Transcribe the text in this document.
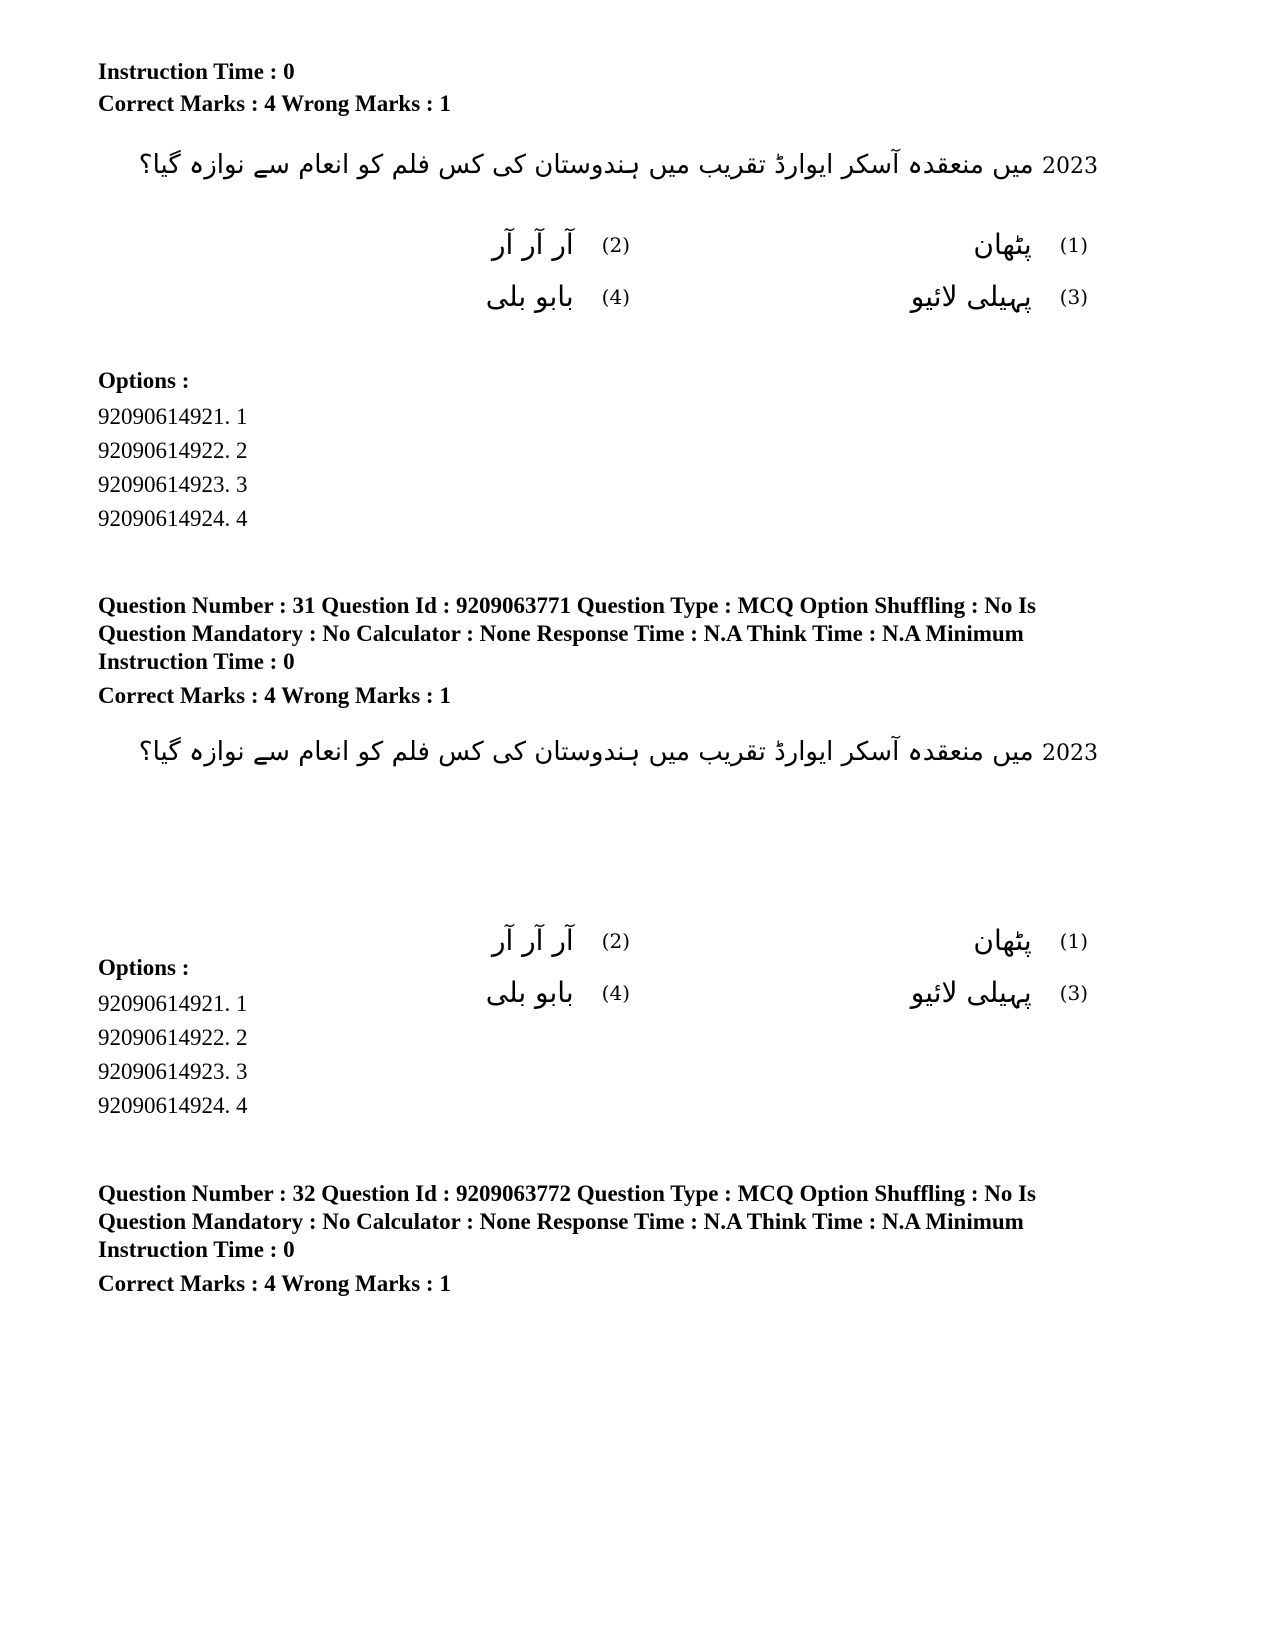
Instruction Time : 0

Correct Marks : 4 Wrong Marks : 1

2023 میں منعقدہ آسکر ایوارڈ تقریب میں ہندوستان کی کس فلم کو انعام سے نوازہ گیا؟
(1)
پٹھان
(2)
آر آر آر
(3)
پہیلی لائیو
(4)
بابو بلی

Options :

92090614921. 1

92090614922. 2

92090614923. 3

92090614924. 4

Question Number : 31 Question Id : 9209063771 Question Type : MCQ Option Shuffling : No Is

Question Mandatory : No Calculator : None Response Time : N.A Think Time : N.A Minimum

Instruction Time : 0

Correct Marks : 4 Wrong Marks : 1

2023 میں منعقدہ آسکر ایوارڈ تقریب میں ہندوستان کی کس فلم کو انعام سے نوازہ گیا؟
(1)
پٹھان
(2)
آر آر آر
(3)
پہیلی لائیو
(4)
بابو بلی

Options :

92090614921. 1

92090614922. 2

92090614923. 3

92090614924. 4

Question Number : 32 Question Id : 9209063772 Question Type : MCQ Option Shuffling : No Is

Question Mandatory : No Calculator : None Response Time : N.A Think Time : N.A Minimum

Instruction Time : 0

Correct Marks : 4 Wrong Marks : 1
